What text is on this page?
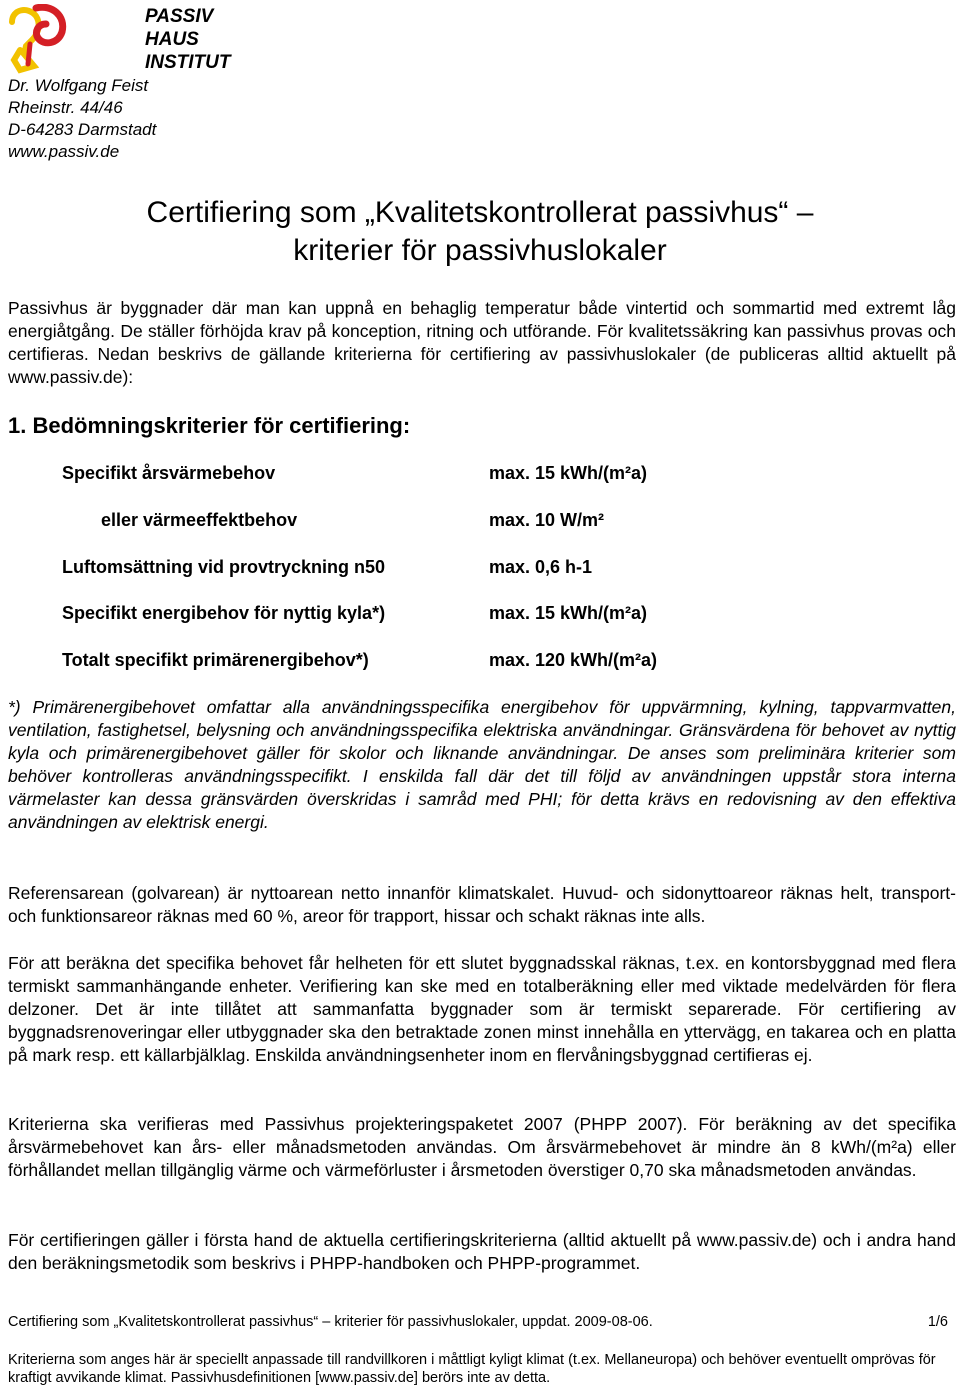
PASSIV
HAUS
INSTITUT
Dr. Wolfgang Feist
Rheinstr. 44/46
D-64283 Darmstadt
www.passiv.de
Certifiering som „Kvalitetskontrollerat passivhus“ –
kriterier för passivhuslokaler
Passivhus är byggnader där man kan uppnå en behaglig temperatur både vintertid och sommartid med extremt låg energiåtgång. De ställer förhöjda krav på konception, ritning och utförande. För kvalitetssäkring kan passivhus provas och certifieras. Nedan beskrivs de gällande kriterierna för certifiering av passivhuslokaler (de publiceras alltid aktuellt på www.passiv.de):
1. Bedömningskriterier för certifiering:
Specifikt årsvärmebehov	max. 15 kWh/(m²a)
eller värmeeffektbehov	max. 10 W/m²
Luftomsättning vid provtryckning n50	max. 0,6 h-1
Specifikt energibehov för nyttig kyla*)	max. 15 kWh/(m²a)
Totalt specifikt primärenergibehov*)	max. 120 kWh/(m²a)
*) Primärenergibehovet omfattar alla användningsspecifika energibehov för uppvärmning, kylning, tappvarmvatten, ventilation, fastighetsel, belysning och användningsspecifika elektriska användningar. Gränsvärdena för behovet av nyttig kyla och primärenergibehovet gäller för skolor och liknande användningar. De anses som preliminära kriterier som behöver kontrolleras användningsspecifikt. I enskilda fall där det till följd av användningen uppstår stora interna värmelaster kan dessa gränsvärden överskridas i samråd med PHI; för detta krävs en redovisning av den effektiva användningen av elektrisk energi.
Referensarean (golvarean) är nyttoarean netto innanför klimatskalet. Huvud- och sidonyttoareor räknas helt, transport- och funktionsareor räknas med 60 %, areor för trapport, hissar och schakt räknas inte alls.
För att beräkna det specifika behovet får helheten för ett slutet byggnadsskal räknas, t.ex. en kontorsbyggnad med flera termiskt sammanhängande enheter. Verifiering kan ske med en totalberäkning eller med viktade medelvärden för flera delzoner. Det är inte tillåtet att sammanfatta byggnader som är termiskt separerade. För certifiering av byggnadsrenoveringar eller utbyggnader ska den betraktade zonen minst innehålla en yttervägg, en takarea och en platta på mark resp. ett källarbjälklag. Enskilda användningsenheter inom en flervåningsbyggnad certifieras ej.
Kriterierna ska verifieras med Passivhus projekteringspaketet 2007 (PHPP 2007). För beräkning av det specifika årsvärmebehovet kan års- eller månadsmetoden användas. Om årsvärmebehovet är mindre än 8 kWh/(m²a) eller förhållandet mellan tillgänglig värme och värmeförluster i årsmetoden överstiger 0,70 ska månadsmetoden användas.
För certifieringen gäller i första hand de aktuella certifieringskriterierna (alltid aktuellt på www.passiv.de) och i andra hand den beräkningsmetodik som beskrivs i PHPP-handboken och PHPP-programmet.
Certifiering som „Kvalitetskontrollerat passivhus“ – kriterier för passivhuslokaler, uppdat. 2009-08-06.	1/6
Kriterierna som anges här är speciellt anpassade till randvillkoren i måttligt kyligt klimat (t.ex. Mellaneuropa) och behöver eventuellt omprövas för kraftigt avvikande klimat. Passivhusdefinitionen [www.passiv.de] berörs inte av detta.
